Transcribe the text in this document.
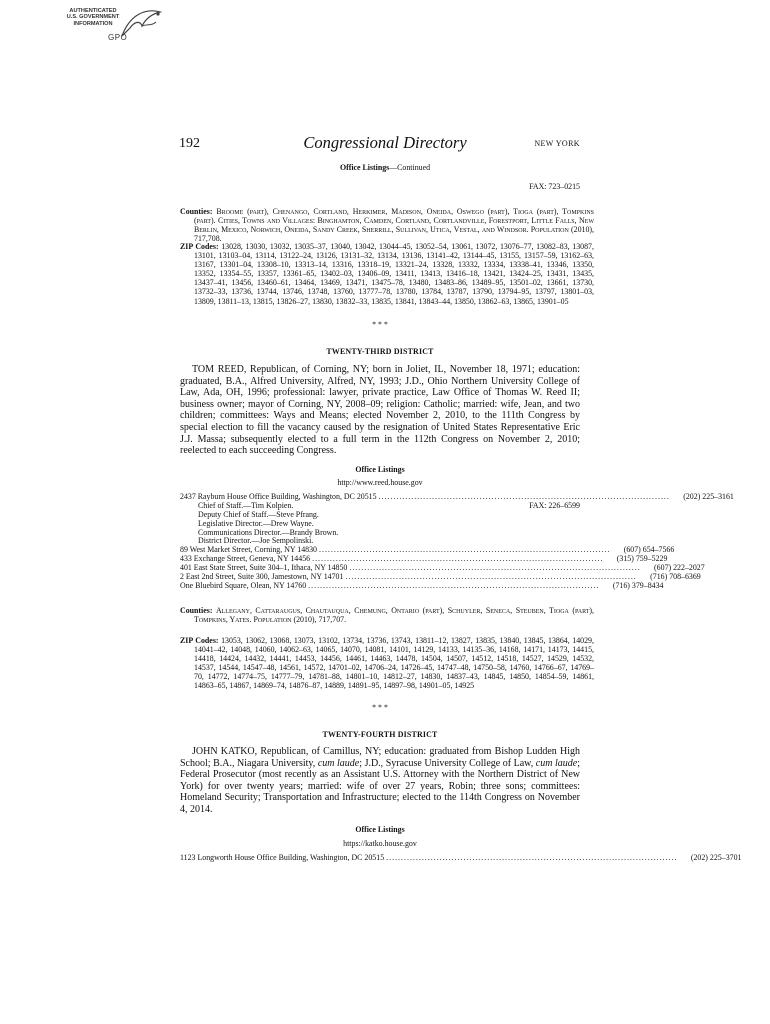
AUTHENTICATED
U.S. GOVERNMENT
INFORMATION
GPO
192	Congressional Directory	NEW YORK
Office Listings—Continued
FAX: 723–0215
Counties: Broome (part), Chenango, Cortland, Herkimer, Madison, Oneida, Oswego (part), Tioga (part), Tompkins (part). Cities, Towns and Villages: Binghamton, Camden, Cortland, Cortlandville, Forestport, Little Falls, New Berlin, Mexico, Norwich, Oneida, Sandy Creek, Sherrill, Sullivan, Utica, Vestal, and Windsor. Population (2010), 717,708.
ZIP Codes: 13028, 13030, 13032, 13035–37, 13040, 13042, 13044–45, 13052–54, 13061, 13072, 13076–77, 13082–83, 13087, 13101, 13103–04, 13114, 13122–24, 13126, 13131–32, 13134, 13136, 13141–42, 13144–45, 13155, 13157–59, 13162–63, 13167, 13301–04, 13308–10, 13313–14, 13316, 13318–19, 13321–24, 13328, 13332, 13334, 13338–41, 13346, 13350, 13352, 13354–55, 13357, 13361–65, 13402–03, 13406–09, 13411, 13413, 13416–18, 13421, 13424–25, 13431, 13435, 13437–41, 13456, 13460–61, 13464, 13469, 13471, 13475–78, 13480, 13483–86, 13489–95, 13501–02, 13661, 13730, 13732–33, 13736, 13744, 13746, 13748, 13760, 13777–78, 13780, 13784, 13787, 13790, 13794–95, 13797, 13801–03, 13809, 13811–13, 13815, 13826–27, 13830, 13832–33, 13835, 13841, 13843–44, 13850, 13862–63, 13865, 13901–05
* * *
TWENTY-THIRD DISTRICT
TOM REED, Republican, of Corning, NY; born in Joliet, IL, November 18, 1971; education: graduated, B.A., Alfred University, Alfred, NY, 1993; J.D., Ohio Northern University College of Law, Ada, OH, 1996; professional: lawyer, private practice, Law Office of Thomas W. Reed II; business owner; mayor of Corning, NY, 2008–09; religion: Catholic; married: wife, Jean, and two children; committees: Ways and Means; elected November 2, 2010, to the 111th Congress by special election to fill the vacancy caused by the resignation of United States Representative Eric J.J. Massa; subsequently elected to a full term in the 112th Congress on November 2, 2010; reelected to each succeeding Congress.
Office Listings
http://www.reed.house.gov
2437 Rayburn House Office Building, Washington, DC 20515 ..................................................................................................	(202) 225–3161
FAX: 226–6599
Chief of Staff.—Tim Kolpien.
Deputy Chief of Staff.—Steve Pfrang.
Legislative Director.—Drew Wayne.
Communications Director.—Brandy Brown.
District Director.—Joe Sempolinski.
89 West Market Street, Corning, NY 14830 ..................................................................................................	(607) 654–7566
433 Exchange Street, Geneva, NY 14456 ..................................................................................................	(315) 759–5229
401 East State Street, Suite 304–1, Ithaca, NY 14850 ..................................................................................................	(607) 222–2027
2 East 2nd Street, Suite 300, Jamestown, NY 14701 ..................................................................................................	(716) 708–6369
One Bluebird Square, Olean, NY 14760 ..................................................................................................	(716) 379–8434
Counties: Allegany, Cattaraugus, Chautauqua, Chemung, Ontario (part), Schuyler, Seneca, Steuben, Tioga (part), Tompkins, Yates. Population (2010), 717,707.
ZIP Codes: 13053, 13062, 13068, 13073, 13102, 13734, 13736, 13743, 13811–12, 13827, 13835, 13840, 13845, 13864, 14029, 14041–42, 14048, 14060, 14062–63, 14065, 14070, 14081, 14101, 14129, 14133, 14135–36, 14168, 14171, 14173, 14415, 14418, 14424, 14432, 14441, 14453, 14456, 14461, 14463, 14478, 14504, 14507, 14512, 14518, 14527, 14529, 14532, 14537, 14544, 14547–48, 14561, 14572, 14701–02, 14706–24, 14726–45, 14747–48, 14750–58, 14760, 14766–67, 14769–70, 14772, 14774–75, 14777–79, 14781–88, 14801–10, 14812–27, 14830, 14837–43, 14845, 14850, 14854–59, 14861, 14863–65, 14867, 14869–74, 14876–87, 14889, 14891–95, 14897–98, 14901–05, 14925
* * *
TWENTY-FOURTH DISTRICT
JOHN KATKO, Republican, of Camillus, NY; education: graduated from Bishop Ludden High School; B.A., Niagara University, cum laude; J.D., Syracuse University College of Law, cum laude; Federal Prosecutor (most recently as an Assistant U.S. Attorney with the Northern District of New York) for over twenty years; married: wife of over 27 years, Robin; three sons; committees: Homeland Security; Transportation and Infrastructure; elected to the 114th Congress on November 4, 2014.
Office Listings
https://katko.house.gov
1123 Longworth House Office Building, Washington, DC 20515 ..................................................................................................	(202) 225–3701
